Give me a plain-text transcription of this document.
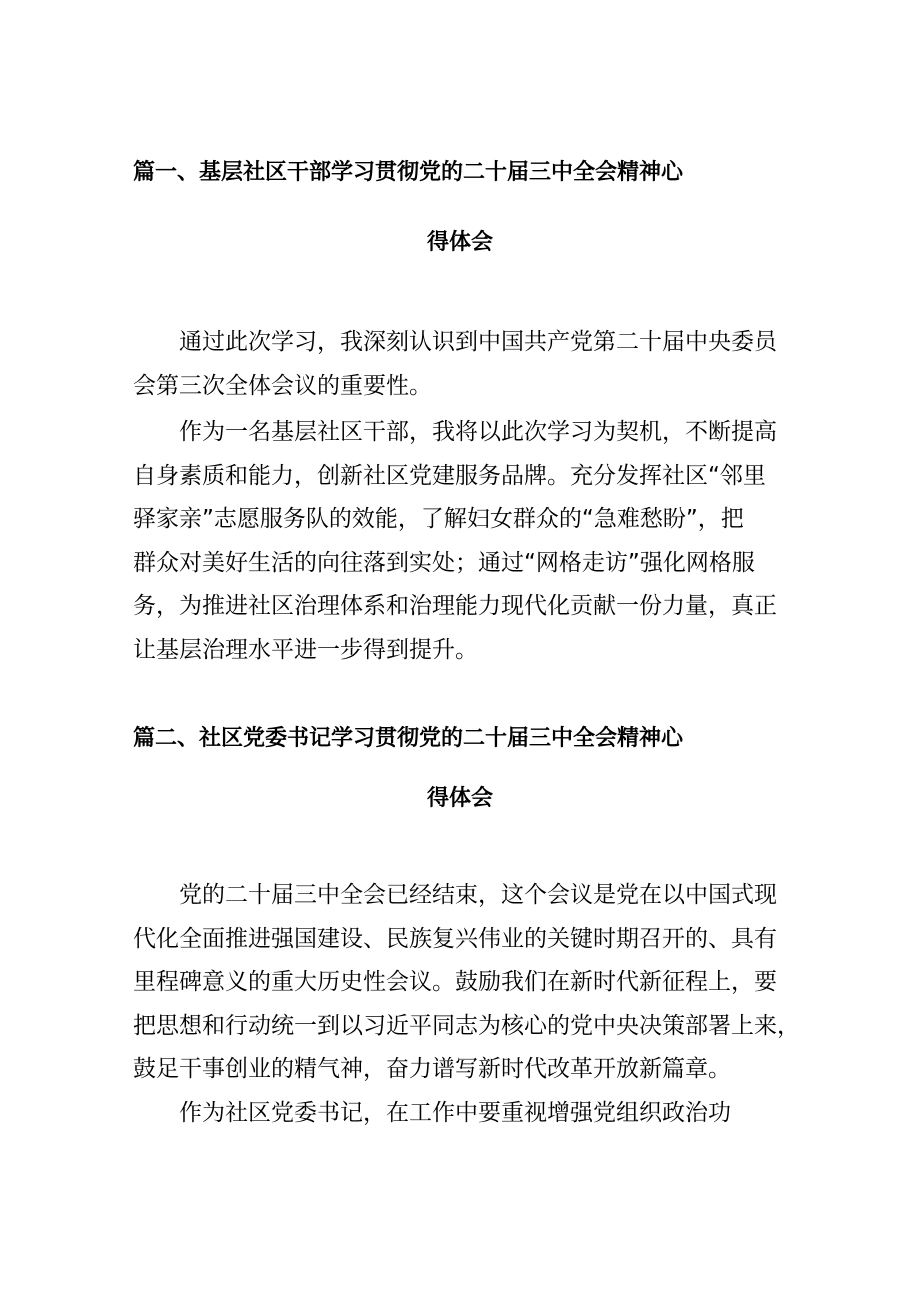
篇一、基层社区干部学习贯彻党的二十届三中全会精神心
得体会
通过此次学习，我深刻认识到中国共产党第二十届中央委员
会第三次全体会议的重要性。
作为一名基层社区干部，我将以此次学习为契机，不断提高
自身素质和能力，创新社区党建服务品牌。充分发挥社区“邻里
驿家亲”志愿服务队的效能，了解妇女群众的“急难愁盼”，把
群众对美好生活的向往落到实处；通过“网格走访”强化网格服
务，为推进社区治理体系和治理能力现代化贡献一份力量，真正
让基层治理水平进一步得到提升。
篇二、社区党委书记学习贯彻党的二十届三中全会精神心
得体会
党的二十届三中全会已经结束，这个会议是党在以中国式现
代化全面推进强国建设、民族复兴伟业的关键时期召开的、具有
里程碑意义的重大历史性会议。鼓励我们在新时代新征程上，要
把思想和行动统一到以习近平同志为核心的党中央决策部署上来，
鼓足干事创业的精气神，奋力谱写新时代改革开放新篇章。
作为社区党委书记，在工作中要重视增强党组织政治功
